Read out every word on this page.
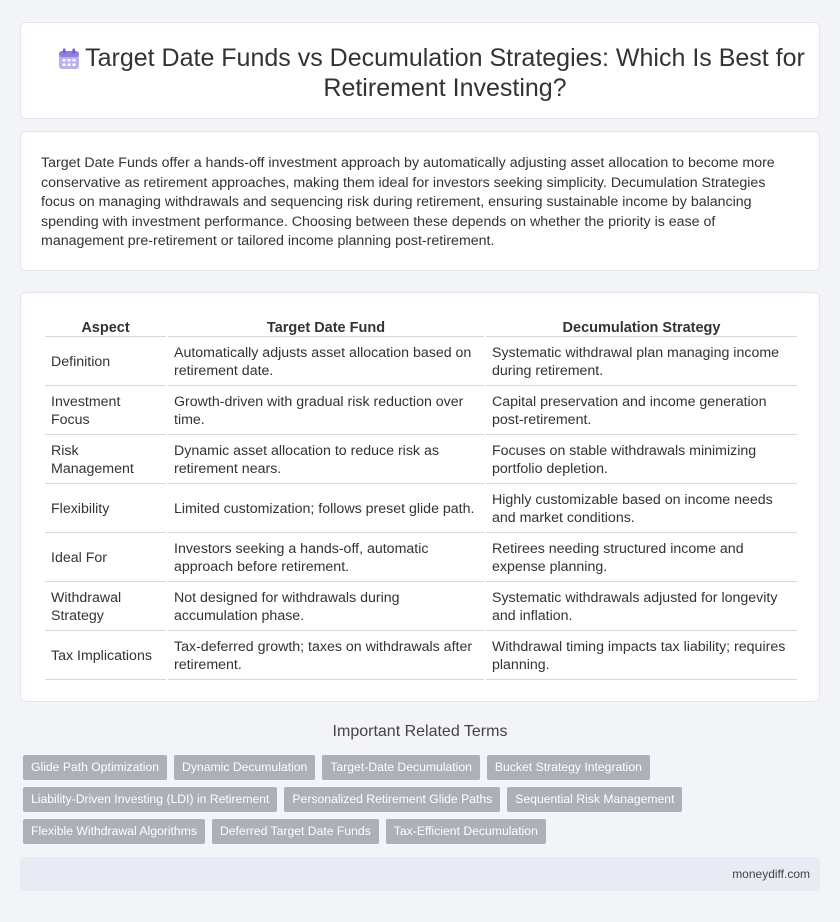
Target Date Funds vs Decumulation Strategies: Which Is Best for Retirement Investing?

Target Date Funds offer a hands-off investment approach by automatically adjusting asset allocation to become more conservative as retirement approaches, making them ideal for investors seeking simplicity. Decumulation Strategies focus on managing withdrawals and sequencing risk during retirement, ensuring sustainable income by balancing spending with investment performance. Choosing between these depends on whether the priority is ease of management pre-retirement or tailored income planning post-retirement.

Aspect	Target Date Fund	Decumulation Strategy
Definition	Automatically adjusts asset allocation based on retirement date.	Systematic withdrawal plan managing income during retirement.
Investment Focus	Growth-driven with gradual risk reduction over time.	Capital preservation and income generation post-retirement.
Risk Management	Dynamic asset allocation to reduce risk as retirement nears.	Focuses on stable withdrawals minimizing portfolio depletion.
Flexibility	Limited customization; follows preset glide path.	Highly customizable based on income needs and market conditions.
Ideal For	Investors seeking a hands-off, automatic approach before retirement.	Retirees needing structured income and expense planning.
Withdrawal Strategy	Not designed for withdrawals during accumulation phase.	Systematic withdrawals adjusted for longevity and inflation.
Tax Implications	Tax-deferred growth; taxes on withdrawals after retirement.	Withdrawal timing impacts tax liability; requires planning.
Important Related Terms
Glide Path Optimization	Dynamic Decumulation	Target-Date Decumulation	Bucket Strategy Integration
Liability-Driven Investing (LDI) in Retirement	Personalized Retirement Glide Paths	Sequential Risk Management
Flexible Withdrawal Algorithms	Deferred Target Date Funds	Tax-Efficient Decumulation
moneydiff.com
